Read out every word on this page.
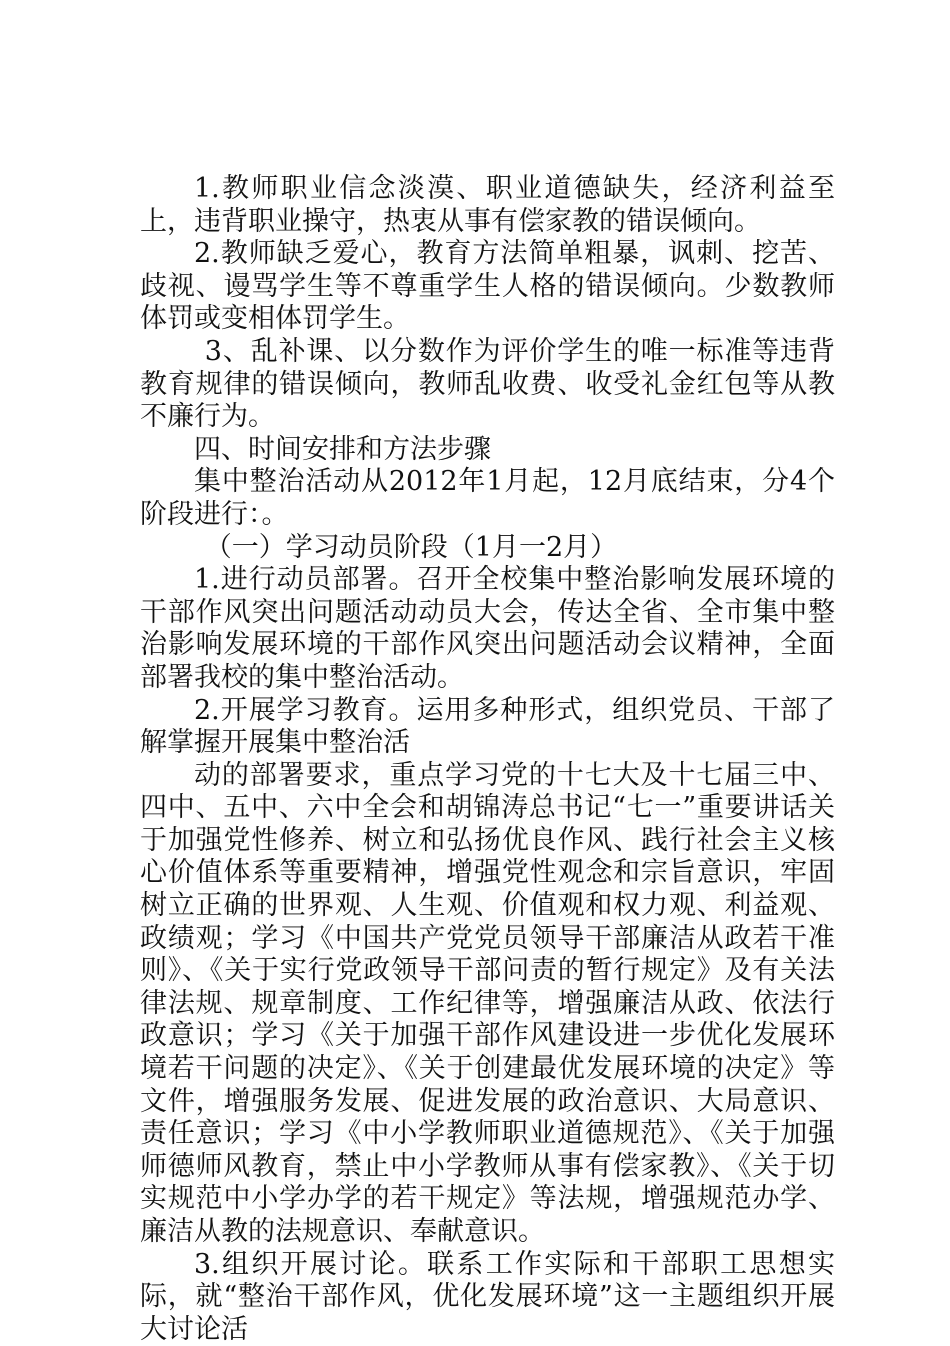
1.教师职业信念淡漠、职业道德缺失，经济利益至上，违背职业操守，热衷从事有偿家教的错误倾向。

2.教师缺乏爱心，教育方法简单粗暴，讽刺、挖苦、歧视、谩骂学生等不尊重学生人格的错误倾向。少数教师体罚或变相体罚学生。

3、乱补课、以分数作为评价学生的唯一标准等违背教育规律的错误倾向，教师乱收费、收受礼金红包等从教不廉行为。

四、时间安排和方法步骤

集中整治活动从2012年1月起，12月底结束，分4个阶段进行：。

（一）学习动员阶段（1月一2月）

1.进行动员部署。召开全校集中整治影响发展环境的干部作风突出问题活动动员大会，传达全省、全市集中整治影响发展环境的干部作风突出问题活动会议精神，全面部署我校的集中整治活动。

2.开展学习教育。运用多种形式，组织党员、干部了解掌握开展集中整治活

动的部署要求，重点学习党的十七大及十七届三中、四中、五中、六中全会和胡锦涛总书记“七一”重要讲话关于加强党性修养、树立和弘扬优良作风、践行社会主义核心价值体系等重要精神，增强党性观念和宗旨意识，牢固树立正确的世界观、人生观、价值观和权力观、利益观、政绩观；学习《中国共产党党员领导干部廉洁从政若干准则》、《关于实行党政领导干部问责的暂行规定》及有关法律法规、规章制度、工作纪律等，增强廉洁从政、依法行政意识；学习《关于加强干部作风建设进一步优化发展环境若干问题的决定》、《关于创建最优发展环境的决定》等文件，增强服务发展、促进发展的政治意识、大局意识、责任意识；学习《中小学教师职业道德规范》、《关于加强师德师风教育，禁止中小学教师从事有偿家教》、《关于切实规范中小学办学的若干规定》等法规，增强规范办学、廉洁从教的法规意识、奉献意识。

3.组织开展讨论。联系工作实际和干部职工思想实际，就“整治干部作风，优化发展环境”这一主题组织开展大讨论活
